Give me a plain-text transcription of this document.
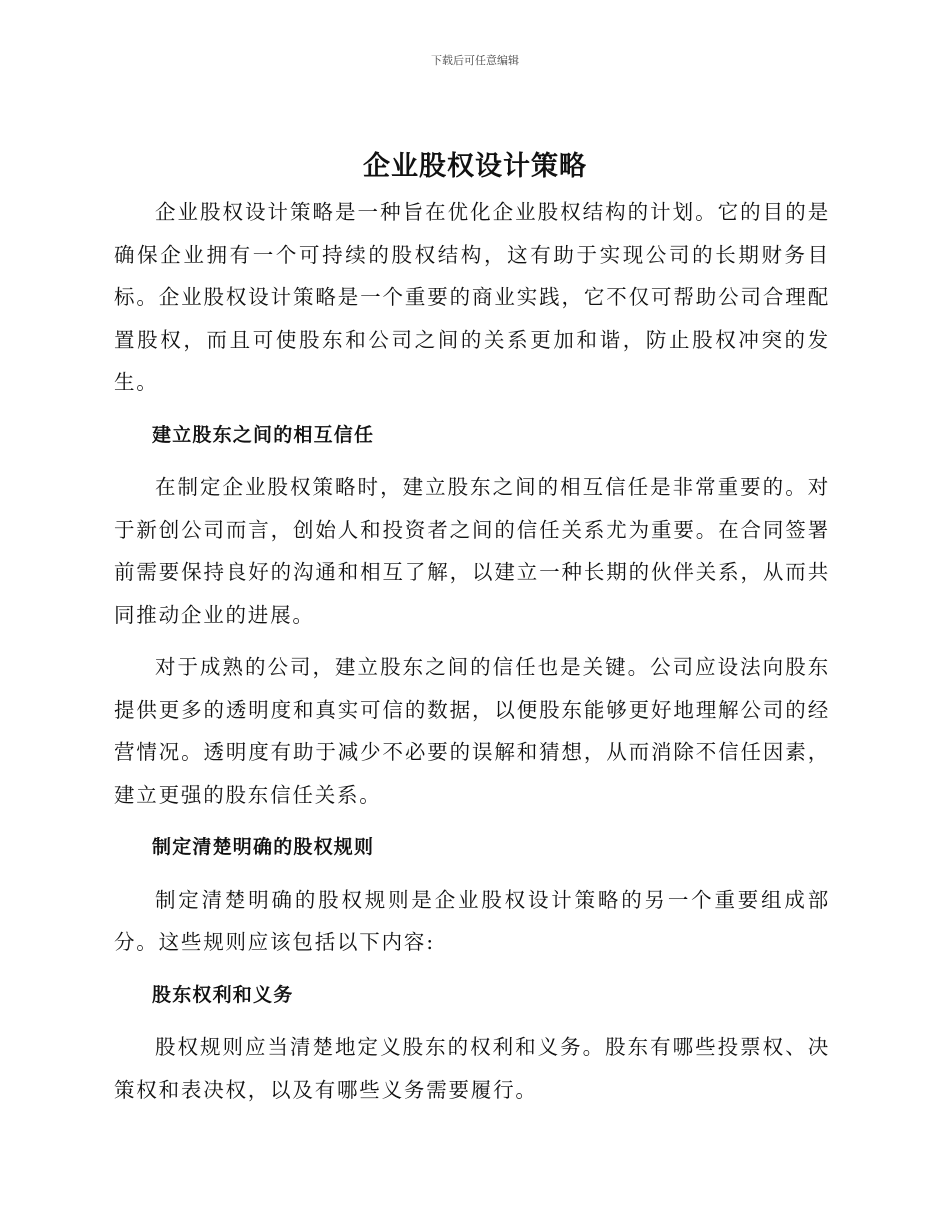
下载后可任意编辑
企业股权设计策略

企业股权设计策略是一种旨在优化企业股权结构的计划。它的目的是确保企业拥有一个可持续的股权结构，这有助于实现公司的长期财务目标。企业股权设计策略是一个重要的商业实践，它不仅可帮助公司合理配置股权，而且可使股东和公司之间的关系更加和谐，防止股权冲突的发生。

建立股东之间的相互信任

在制定企业股权策略时，建立股东之间的相互信任是非常重要的。对于新创公司而言，创始人和投资者之间的信任关系尤为重要。在合同签署前需要保持良好的沟通和相互了解，以建立一种长期的伙伴关系，从而共同推动企业的进展。

对于成熟的公司，建立股东之间的信任也是关键。公司应设法向股东提供更多的透明度和真实可信的数据，以便股东能够更好地理解公司的经营情况。透明度有助于减少不必要的误解和猜想，从而消除不信任因素，建立更强的股东信任关系。

制定清楚明确的股权规则

制定清楚明确的股权规则是企业股权设计策略的另一个重要组成部分。这些规则应该包括以下内容:

股东权利和义务

股权规则应当清楚地定义股东的权利和义务。股东有哪些投票权、决策权和表决权，以及有哪些义务需要履行。
